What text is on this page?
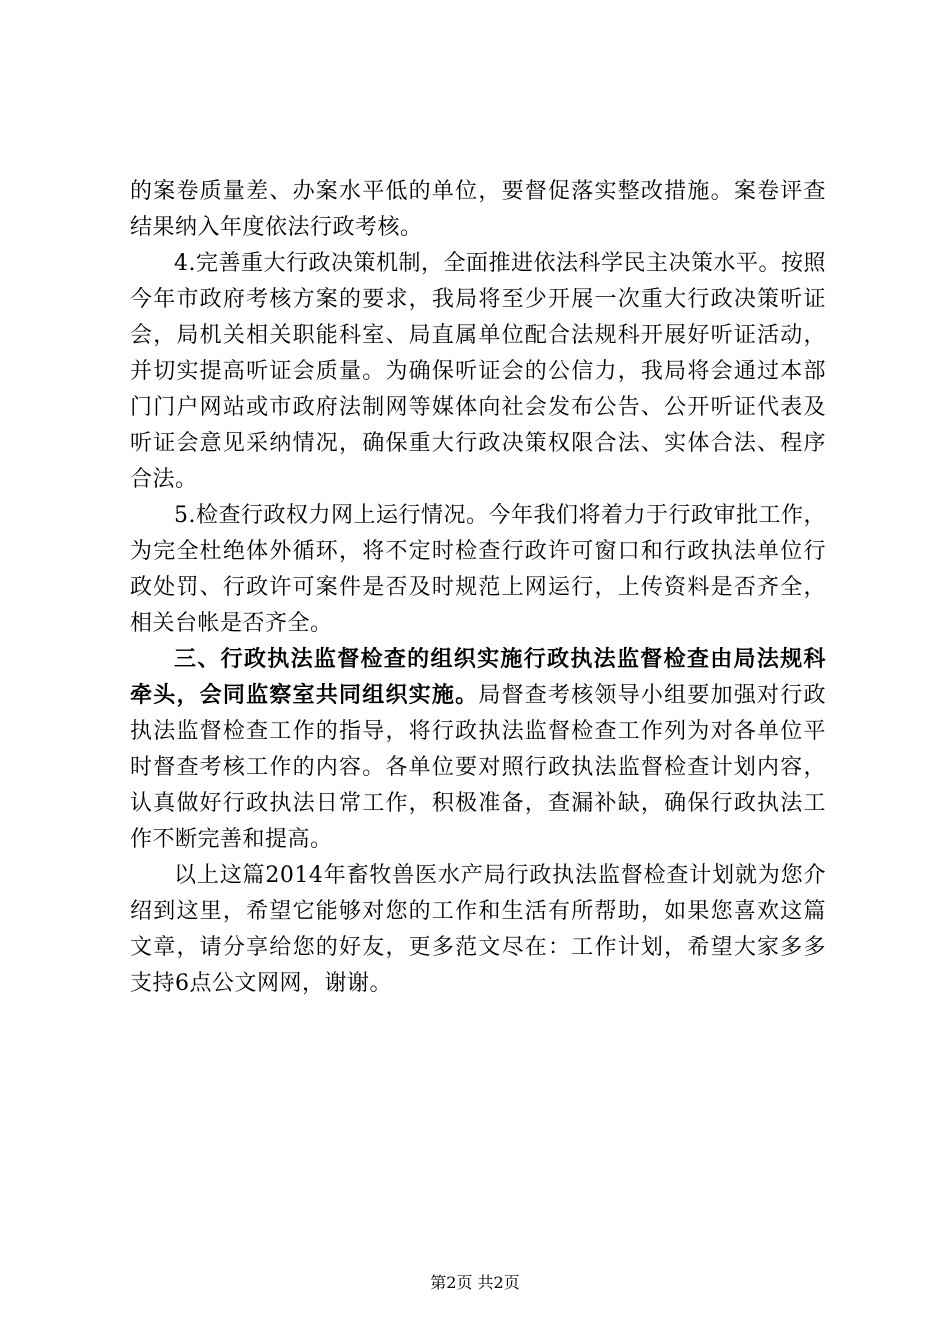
的案卷质量差、办案水平低的单位，要督促落实整改措施。案卷评查结果纳入年度依法行政考核。

4.完善重大行政决策机制，全面推进依法科学民主决策水平。按照今年市政府考核方案的要求，我局将至少开展一次重大行政决策听证会，局机关相关职能科室、局直属单位配合法规科开展好听证活动，并切实提高听证会质量。为确保听证会的公信力，我局将会通过本部门门户网站或市政府法制网等媒体向社会发布公告、公开听证代表及听证会意见采纳情况，确保重大行政决策权限合法、实体合法、程序合法。

5.检查行政权力网上运行情况。今年我们将着力于行政审批工作，为完全杜绝体外循环，将不定时检查行政许可窗口和行政执法单位行政处罚、行政许可案件是否及时规范上网运行，上传资料是否齐全，相关台帐是否齐全。

三、行政执法监督检查的组织实施行政执法监督检查由局法规科牵头，会同监察室共同组织实施。局督查考核领导小组要加强对行政执法监督检查工作的指导，将行政执法监督检查工作列为对各单位平时督查考核工作的内容。各单位要对照行政执法监督检查计划内容，认真做好行政执法日常工作，积极准备，查漏补缺，确保行政执法工作不断完善和提高。

以上这篇2014年畜牧兽医水产局行政执法监督检查计划就为您介绍到这里，希望它能够对您的工作和生活有所帮助，如果您喜欢这篇文章，请分享给您的好友，更多范文尽在：工作计划，希望大家多多支持6点公文网网，谢谢。

第2页 共2页
